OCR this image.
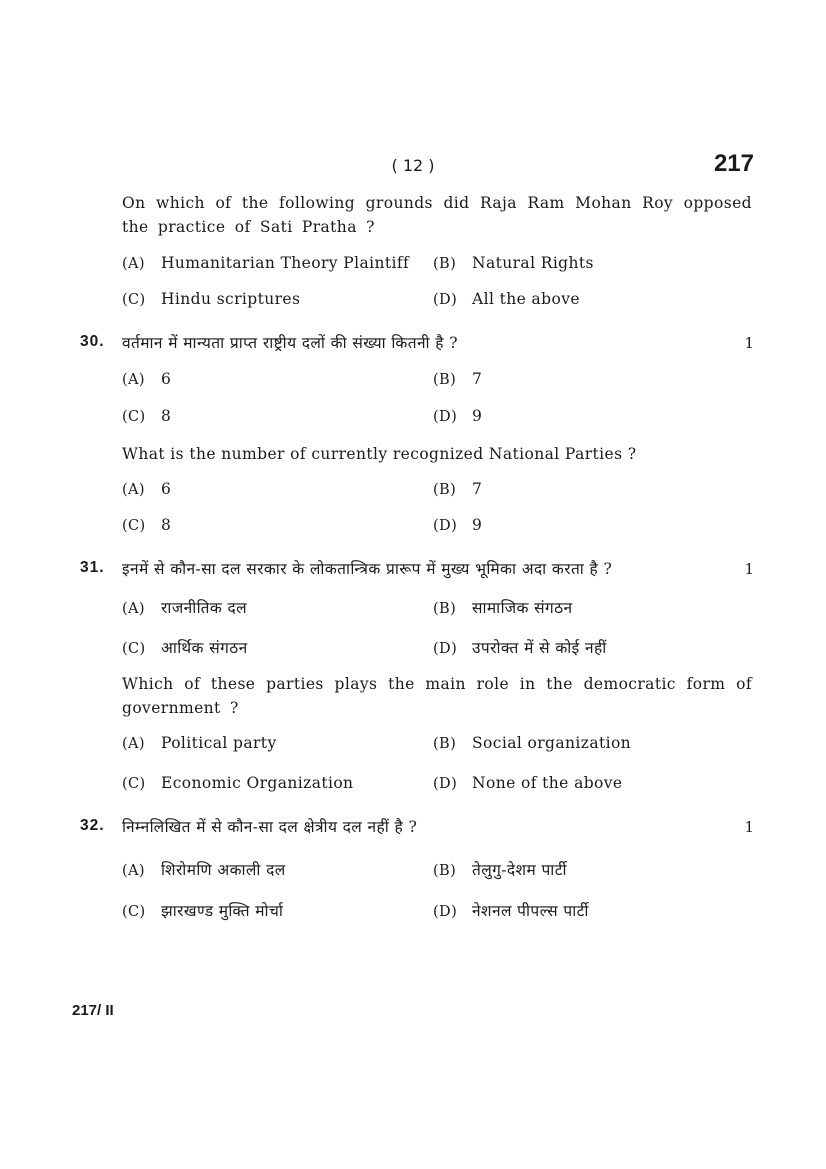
( 12 )	217
On which of the following grounds did Raja Ram Mohan Roy opposed the practice of Sati Pratha ?
(A) Humanitarian Theory Plaintiff (B) Natural Rights
(C) Hindu scriptures	(D) All the above
30. वर्तमान में मान्यता प्राप्त राष्ट्रीय दलों की संख्या कितनी है ?	1
(A) 6	(B) 7
(C) 8	(D) 9
What is the number of currently recognized National Parties ?
(A) 6	(B) 7
(C) 8	(D) 9
31. इनमें से कौन-सा दल सरकार के लोकतान्त्रिक प्रारूप में मुख्य भूमिका अदा करता है ?	1
(A) राजनीतिक दल	(B) सामाजिक संगठन
(C) आर्थिक संगठन	(D) उपरोक्त में से कोई नहीं
Which of these parties plays the main role in the democratic form of government ?
(A) Political party	(B) Social organization
(C) Economic Organization	(D) None of the above
32. निम्नलिखित में से कौन-सा दल क्षेत्रीय दल नहीं है ?	1
(A) शिरोमणि अकाली दल	(B) तेलुगु-देशम पार्टी
(C) झारखण्ड मुक्ति मोर्चा	(D) नेशनल पीपल्स पार्टी
217/ II
